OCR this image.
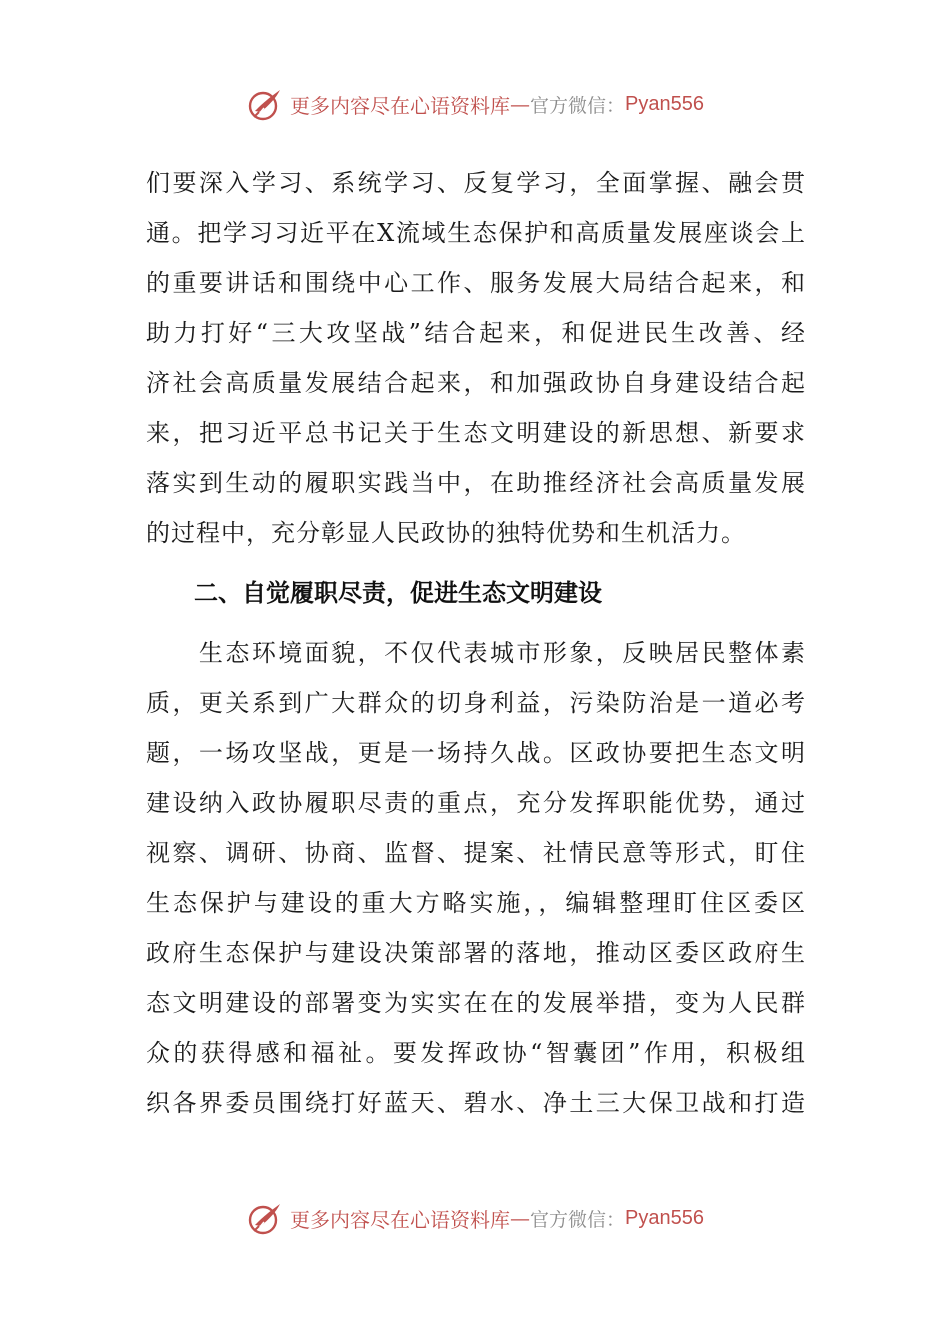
更多内容尽在心语资料库 — 官方微信： Pyan556
们要深入学习、系统学习、反复学习，全面掌握、融会贯
通。把学习习近平在X流域生态保护和高质量发展座谈会上
的重要讲话和围绕中心工作、服务发展大局结合起来，和
助力打好“三大攻坚战”结合起来，和促进民生改善、经
济社会高质量发展结合起来，和加强政协自身建设结合起
来，把习近平总书记关于生态文明建设的新思想、新要求
落实到生动的履职实践当中，在助推经济社会高质量发展
的过程中，充分彰显人民政协的独特优势和生机活力。
二、自觉履职尽责，促进生态文明建设
　　生态环境面貌，不仅代表城市形象，反映居民整体素
质，更关系到广大群众的切身利益，污染防治是一道必考
题，一场攻坚战，更是一场持久战。区政协要把生态文明
建设纳入政协履职尽责的重点，充分发挥职能优势，通过
视察、调研、协商、监督、提案、社情民意等形式，盯住
生态保护与建设的重大方略实施，，编辑整理盯住区委区
政府生态保护与建设决策部署的落地，推动区委区政府生
态文明建设的部署变为实实在在的发展举措，变为人民群
众的获得感和福祉。要发挥政协“智囊团”作用，积极组
织各界委员围绕打好蓝天、碧水、净土三大保卫战和打造
更多内容尽在心语资料库 — 官方微信： Pyan556
